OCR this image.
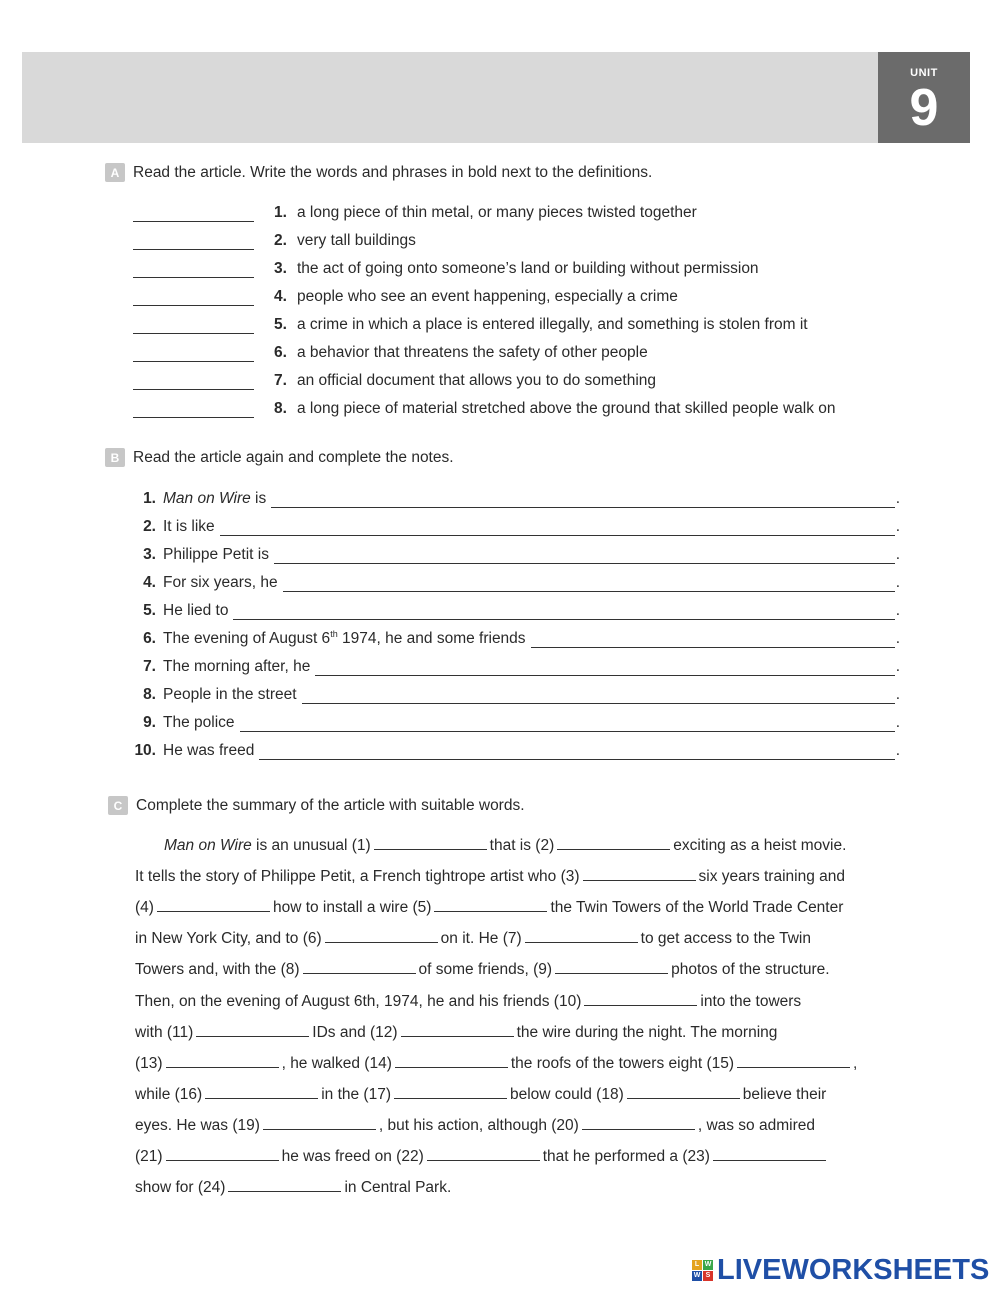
UNIT
9
A Read the article. Write the words and phrases in bold next to the definitions.
1. a long piece of thin metal, or many pieces twisted together
2. very tall buildings
3. the act of going onto someone’s land or building without permission
4. people who see an event happening, especially a crime
5. a crime in which a place is entered illegally, and something is stolen from it
6. a behavior that threatens the safety of other people
7. an official document that allows you to do something
8. a long piece of material stretched above the ground that skilled people walk on
B Read the article again and complete the notes.
1. Man on Wire is	.
2. It is like	.
3. Philippe Petit is	.
4. For six years, he	.
5. He lied to	.
6. The evening of August 6th 1974, he and some friends	.
7. The morning after, he	.
8. People in the street	.
9. The police	.
10. He was freed	.
C Complete the summary of the article with suitable words.
Man on Wire is an unusual (1)	that is (2)	exciting as a heist movie.
It tells the story of Philippe Petit, a French tightrope artist who (3)	six years training and
(4)	how to install a wire (5)	the Twin Towers of the World Trade Center
in New York City, and to (6)	on it. He (7)	to get access to the Twin
Towers and, with the (8)	of some friends, (9)	photos of the structure.
Then, on the evening of August 6th, 1974, he and his friends (10)	into the towers
with (11)	IDs and (12)	the wire during the night. The morning
(13)	, he walked (14)	the roofs of the towers eight (15)	,
while (16)	in the (17)	below could (18)	believe their
eyes. He was (19)	, but his action, although (20)	, was so admired
(21)	he was freed on (22)	that he performed a (23)
show for (24)	in Central Park.
L W
W S LIVEWORKSHEETS
